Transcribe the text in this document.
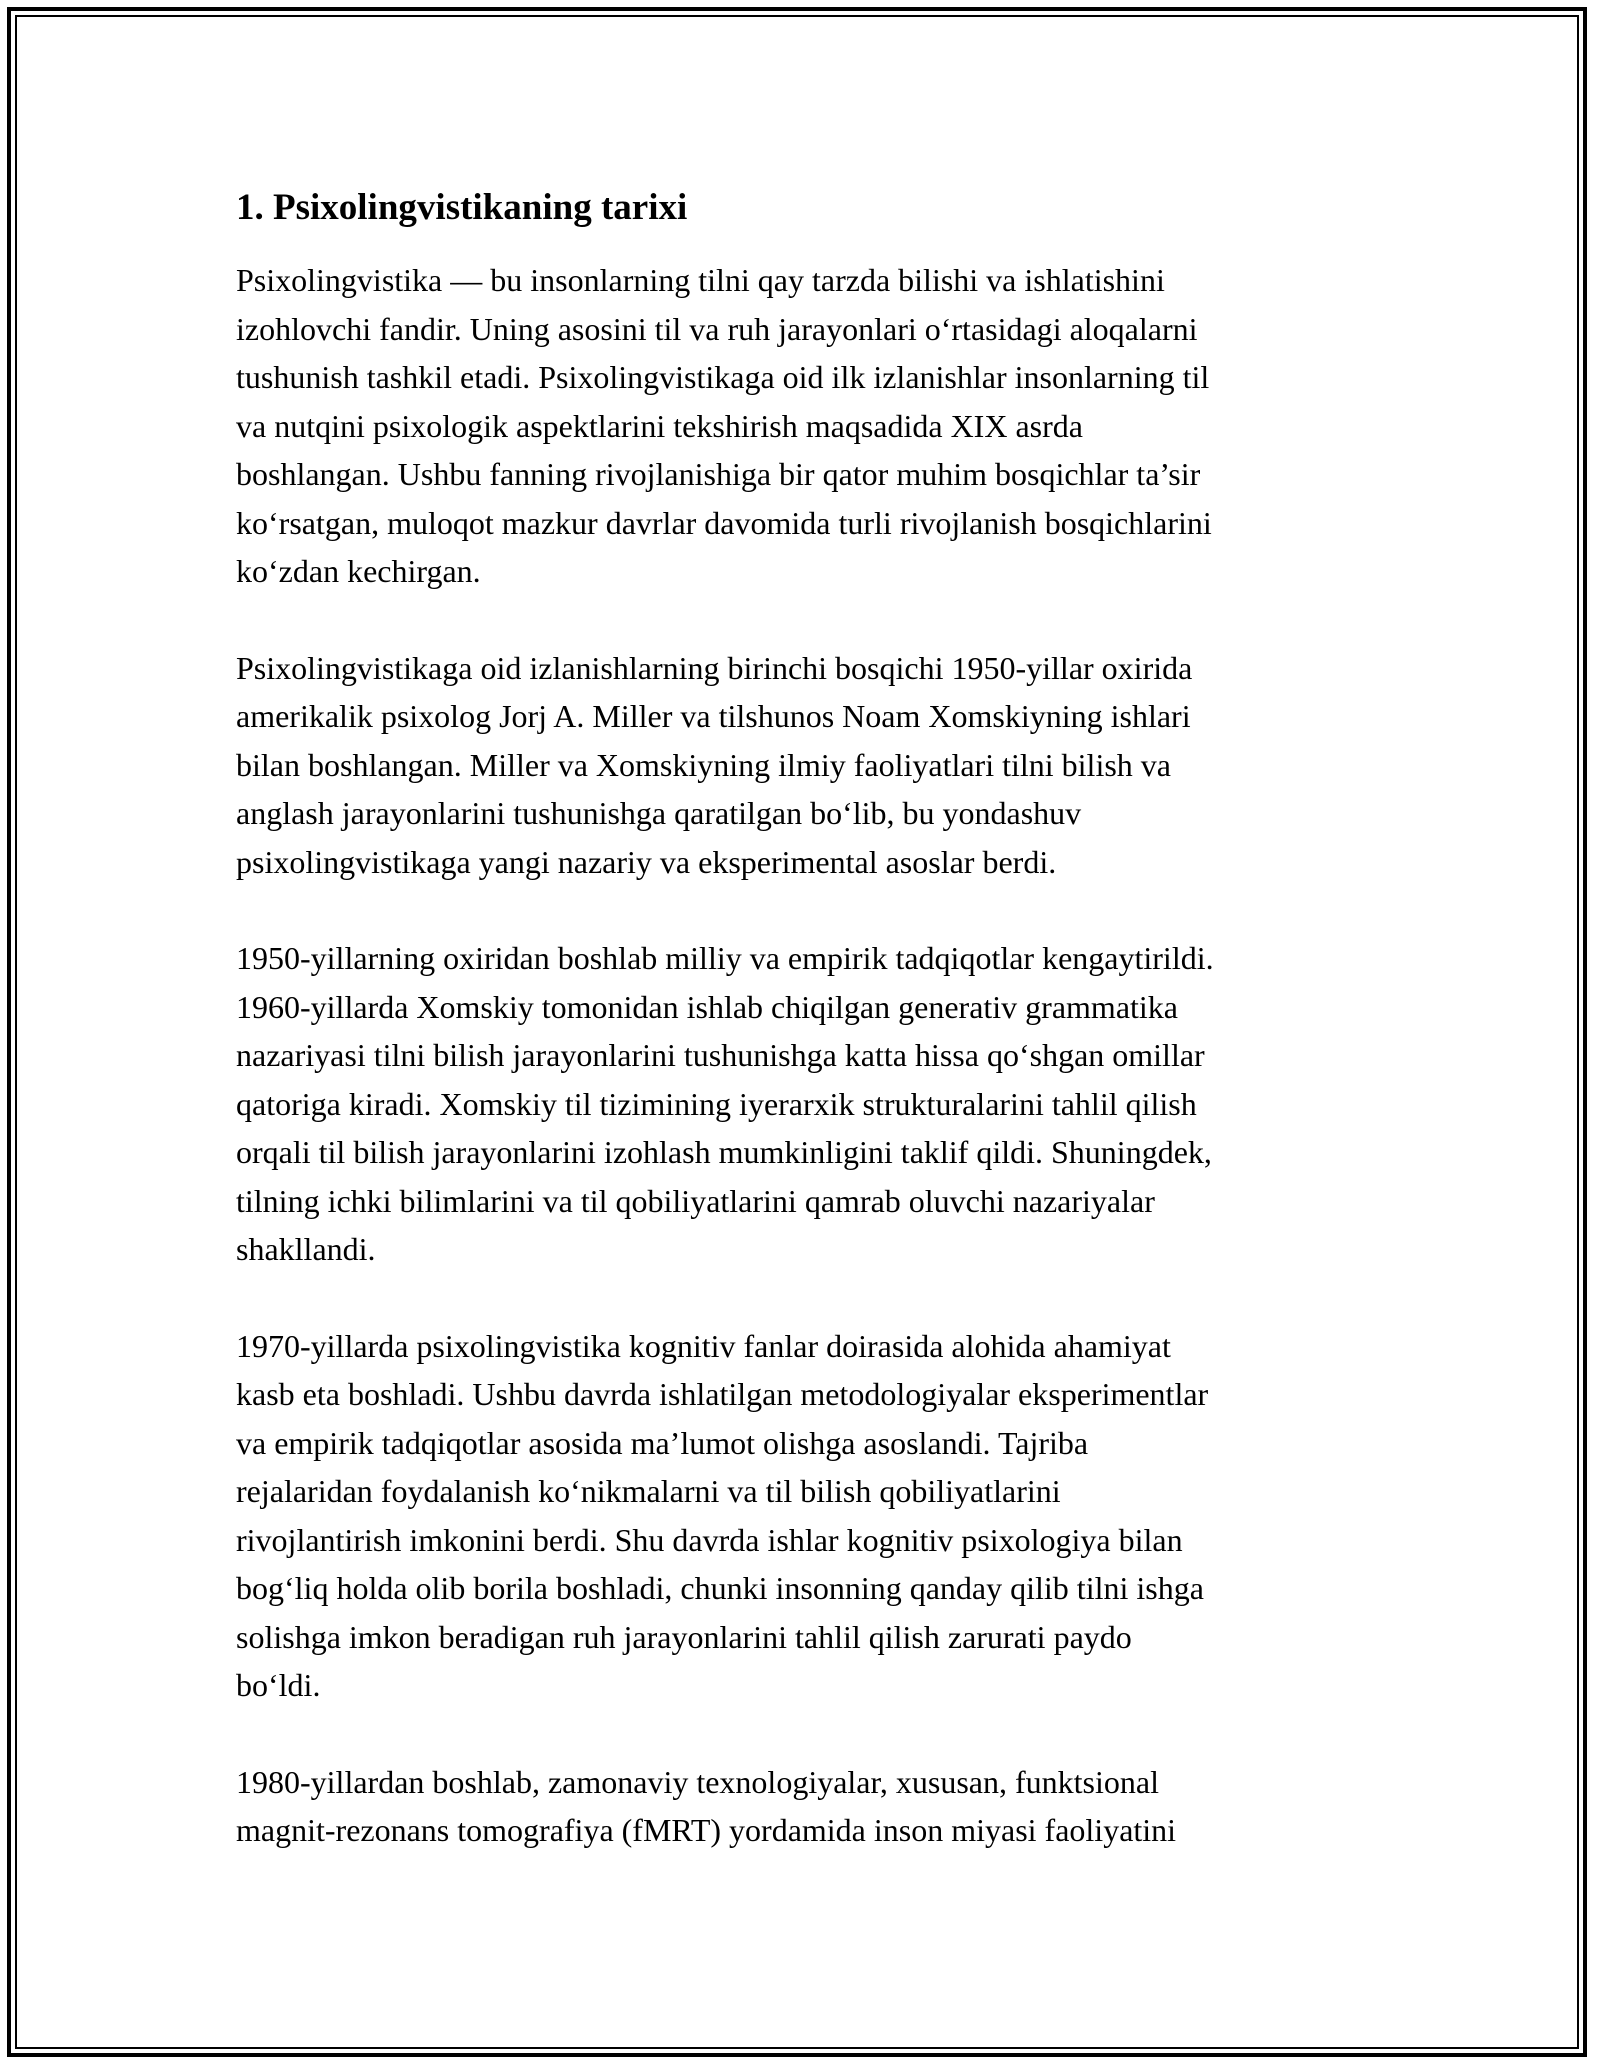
1. Psixolingvistikaning tarixi

Psixolingvistika — bu insonlarning tilni qay tarzda bilishi va ishlatishini
izohlovchi fandir. Uning asosini til va ruh jarayonlari o‘rtasidagi aloqalarni
tushunish tashkil etadi. Psixolingvistikaga oid ilk izlanishlar insonlarning til
va nutqini psixologik aspektlarini tekshirish maqsadida XIX asrda
boshlangan. Ushbu fanning rivojlanishiga bir qator muhim bosqichlar ta’sir
ko‘rsatgan, muloqot mazkur davrlar davomida turli rivojlanish bosqichlarini
ko‘zdan kechirgan.

Psixolingvistikaga oid izlanishlarning birinchi bosqichi 1950-yillar oxirida
amerikalik psixolog Jorj A. Miller va tilshunos Noam Xomskiyning ishlari
bilan boshlangan. Miller va Xomskiyning ilmiy faoliyatlari tilni bilish va
anglash jarayonlarini tushunishga qaratilgan bo‘lib, bu yondashuv
psixolingvistikaga yangi nazariy va eksperimental asoslar berdi.

1950-yillarning oxiridan boshlab milliy va empirik tadqiqotlar kengaytirildi.
1960-yillarda Xomskiy tomonidan ishlab chiqilgan generativ grammatika
nazariyasi tilni bilish jarayonlarini tushunishga katta hissa qo‘shgan omillar
qatoriga kiradi. Xomskiy til tizimining iyerarxik strukturalarini tahlil qilish
orqali til bilish jarayonlarini izohlash mumkinligini taklif qildi. Shuningdek,
tilning ichki bilimlarini va til qobiliyatlarini qamrab oluvchi nazariyalar
shakllandi.

1970-yillarda psixolingvistika kognitiv fanlar doirasida alohida ahamiyat
kasb eta boshladi. Ushbu davrda ishlatilgan metodologiyalar eksperimentlar
va empirik tadqiqotlar asosida ma’lumot olishga asoslandi. Tajriba
rejalaridan foydalanish ko‘nikmalarni va til bilish qobiliyatlarini
rivojlantirish imkonini berdi. Shu davrda ishlar kognitiv psixologiya bilan
bog‘liq holda olib borila boshladi, chunki insonning qanday qilib tilni ishga
solishga imkon beradigan ruh jarayonlarini tahlil qilish zarurati paydo
bo‘ldi.

1980-yillardan boshlab, zamonaviy texnologiyalar, xususan, funktsional
magnit-rezonans tomografiya (fMRT) yordamida inson miyasi faoliyatini
